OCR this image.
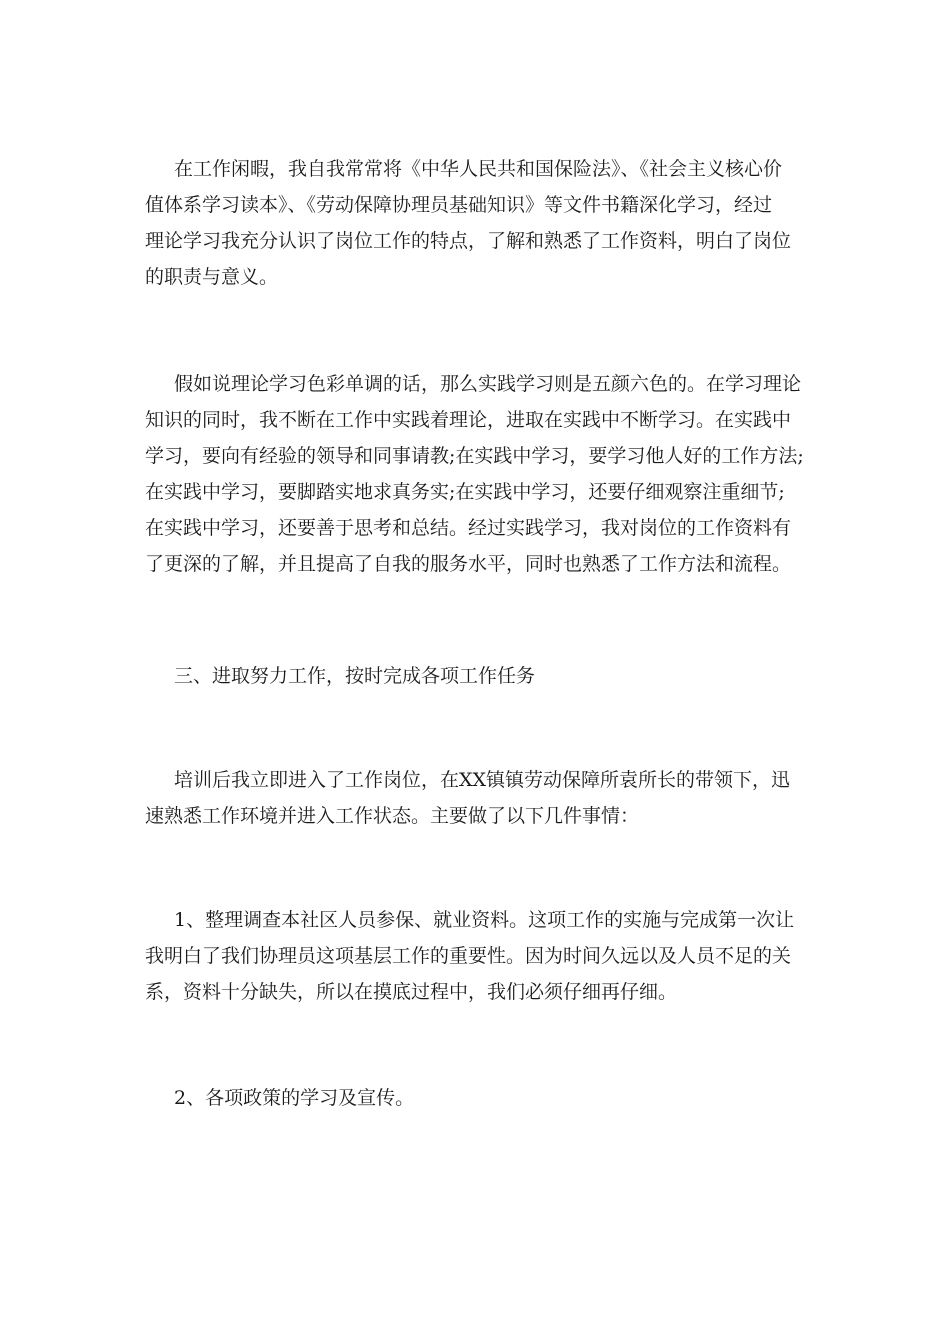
在工作闲暇，我自我常常将《中华人民共和国保险法》、《社会主义核心价
值体系学习读本》、《劳动保障协理员基础知识》等文件书籍深化学习，经过
理论学习我充分认识了岗位工作的特点，了解和熟悉了工作资料，明白了岗位
的职责与意义。
假如说理论学习色彩单调的话，那么实践学习则是五颜六色的。在学习理论
知识的同时，我不断在工作中实践着理论，进取在实践中不断学习。在实践中
学习，要向有经验的领导和同事请教;在实践中学习，要学习他人好的工作方法;
在实践中学习，要脚踏实地求真务实;在实践中学习，还要仔细观察注重细节;
在实践中学习，还要善于思考和总结。经过实践学习，我对岗位的工作资料有
了更深的了解，并且提高了自我的服务水平，同时也熟悉了工作方法和流程。
三、进取努力工作，按时完成各项工作任务
培训后我立即进入了工作岗位，在XX镇镇劳动保障所袁所长的带领下，迅
速熟悉工作环境并进入工作状态。主要做了以下几件事情：
1、整理调查本社区人员参保、就业资料。这项工作的实施与完成第一次让
我明白了我们协理员这项基层工作的重要性。因为时间久远以及人员不足的关
系，资料十分缺失，所以在摸底过程中，我们必须仔细再仔细。
2、各项政策的学习及宣传。
